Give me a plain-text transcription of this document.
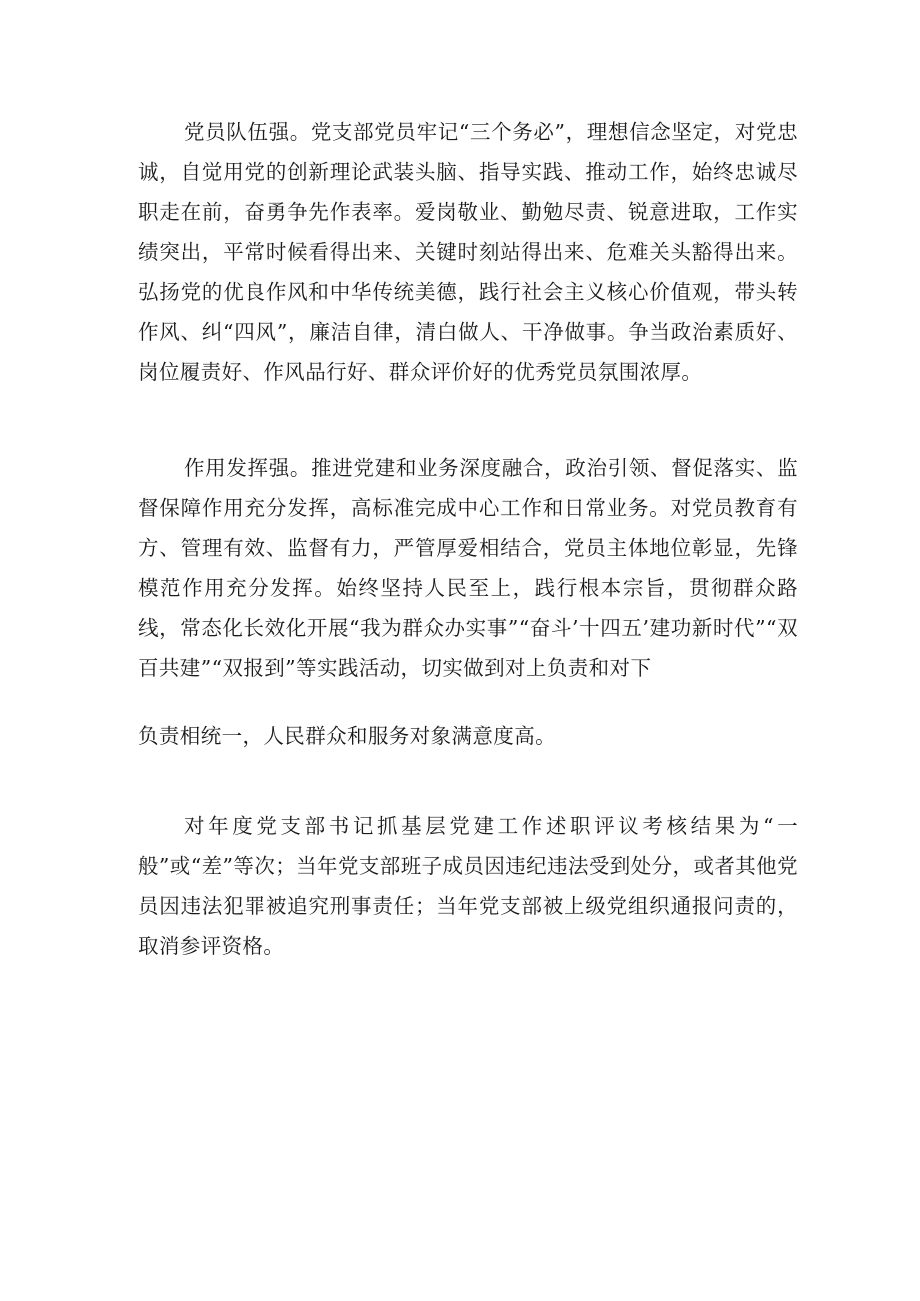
党员队伍强。党支部党员牢记“三个务必”，理想信念坚定，对党忠诚，自觉用党的创新理论武装头脑、指导实践、推动工作，始终忠诚尽职走在前，奋勇争先作表率。爱岗敬业、勤勉尽责、锐意进取，工作实绩突出，平常时候看得出来、关键时刻站得出来、危难关头豁得出来。弘扬党的优良作风和中华传统美德，践行社会主义核心价值观，带头转作风、纠“四风”，廉洁自律，清白做人、干净做事。争当政治素质好、岗位履责好、作风品行好、群众评价好的优秀党员氛围浓厚。

作用发挥强。推进党建和业务深度融合，政治引领、督促落实、监督保障作用充分发挥，高标准完成中心工作和日常业务。对党员教育有方、管理有效、监督有力，严管厚爱相结合，党员主体地位彰显，先锋模范作用充分发挥。始终坚持人民至上，践行根本宗旨，贯彻群众路线，常态化长效化开展“我为群众办实事”“奋斗’十四五’建功新时代”“双百共建”“双报到”等实践活动，切实做到对上负责和对下

负责相统一，人民群众和服务对象满意度高。

对年度党支部书记抓基层党建工作述职评议考核结果为“一般”或“差”等次；当年党支部班子成员因违纪违法受到处分，或者其他党员因违法犯罪被追究刑事责任；当年党支部被上级党组织通报问责的，取消参评资格。
